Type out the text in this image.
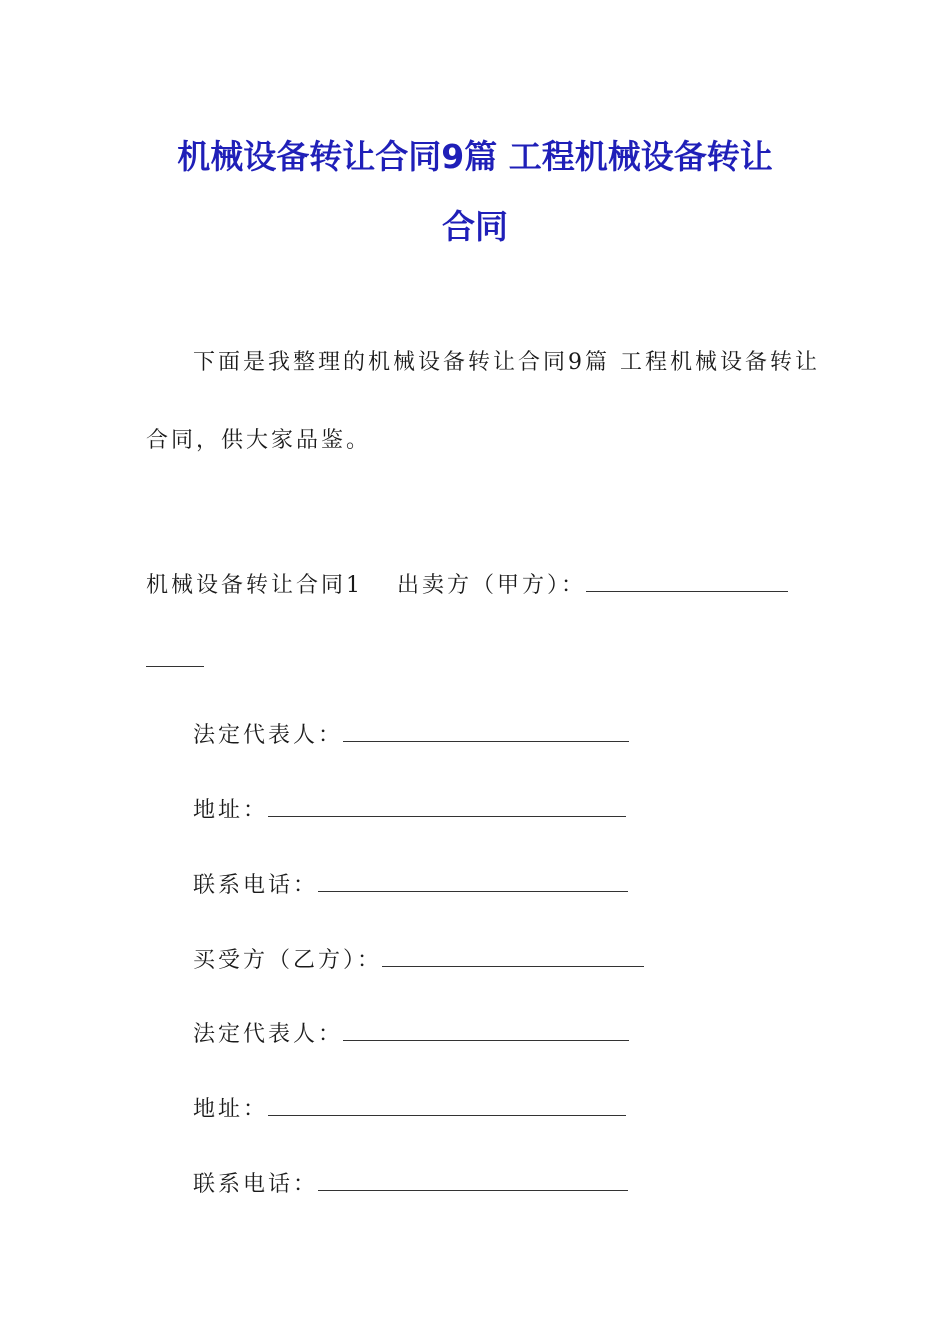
机械设备转让合同9篇 工程机械设备转让
合同
下面是我整理的机械设备转让合同9篇 工程机械设备转让
合同，供大家品鉴。
机械设备转让合同1 出卖方（甲方）：
法定代表人：
地址：
联系电话：
买受方（乙方）：
法定代表人：
地址：
联系电话：
